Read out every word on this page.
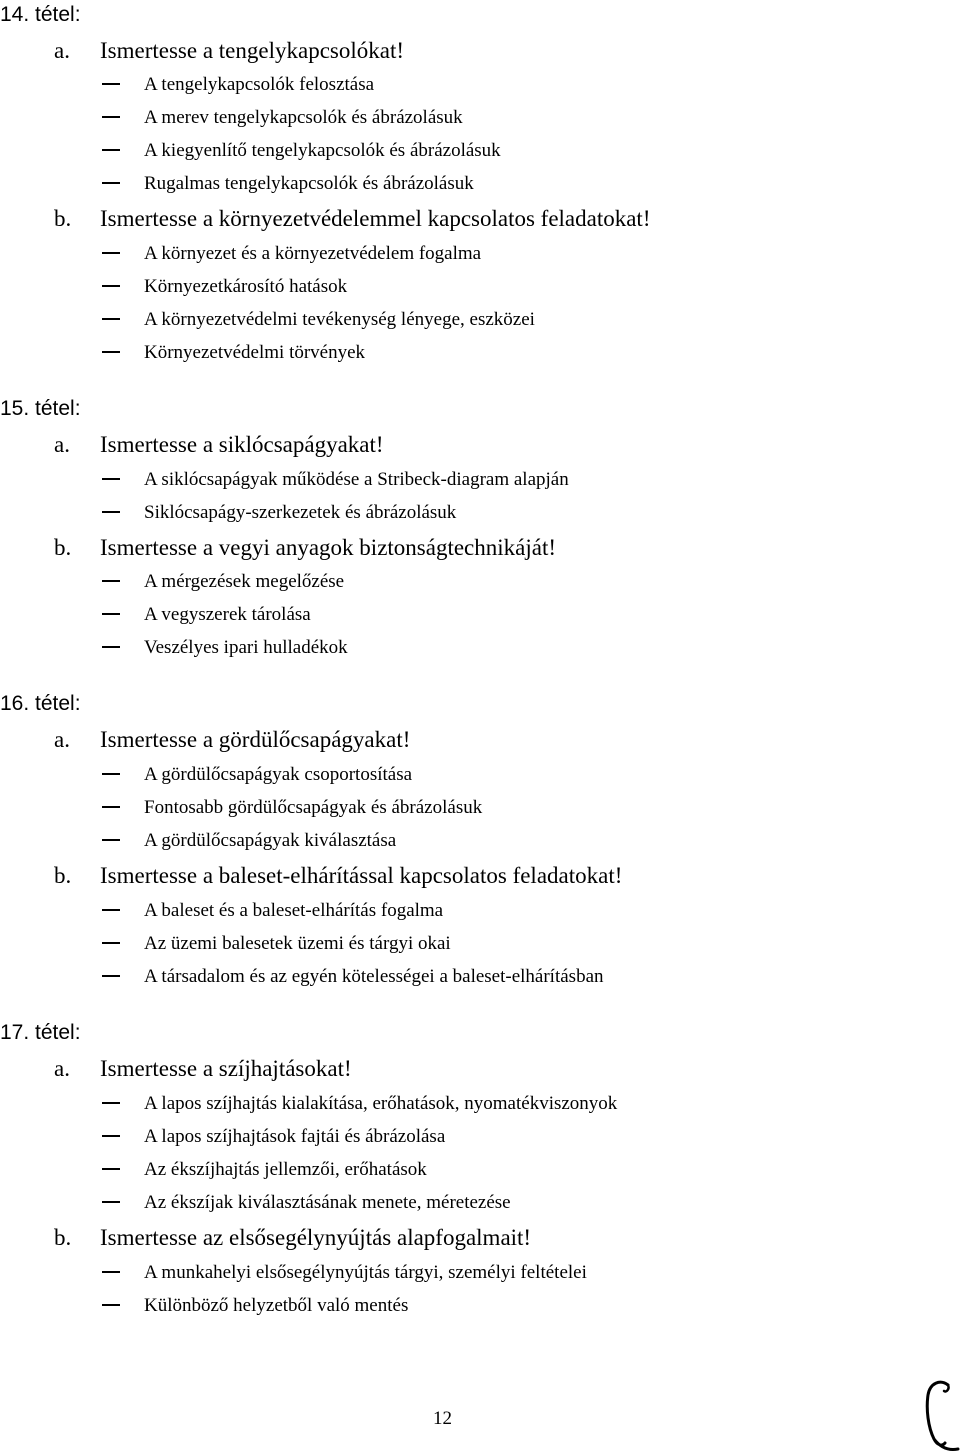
14. tétel:
a. Ismertesse a tengelykapcsolókat!
A tengelykapcsolók felosztása
A merev tengelykapcsolók és ábrázolásuk
A kiegyenlítő tengelykapcsolók és ábrázolásuk
Rugalmas tengelykapcsolók és ábrázolásuk
b. Ismertesse a környezetvédelemmel kapcsolatos feladatokat!
A környezet és a környezetvédelem fogalma
Környezetkárosító hatások
A környezetvédelmi tevékenység lényege, eszközei
Környezetvédelmi törvények
15. tétel:
a. Ismertesse a siklócsapágyakat!
A siklócsapágyak működése a Stribeck-diagram alapján
Siklócsapágy-szerkezetek és ábrázolásuk
b. Ismertesse a vegyi anyagok biztonságtechnikáját!
A mérgezések megelőzése
A vegyszerek tárolása
Veszélyes ipari hulladékok
16. tétel:
a. Ismertesse a gördülőcsapágyakat!
A gördülőcsapágyak csoportosítása
Fontosabb gördülőcsapágyak és ábrázolásuk
A gördülőcsapágyak kiválasztása
b. Ismertesse a baleset-elhárítással kapcsolatos feladatokat!
A baleset és a baleset-elhárítás fogalma
Az üzemi balesetek üzemi és tárgyi okai
A társadalom és az egyén kötelességei a baleset-elhárításban
17. tétel:
a. Ismertesse a szíjhajtásokat!
A lapos szíjhajtás kialakítása, erőhatások, nyomatékviszonyok
A lapos szíjhajtások fajtái és ábrázolása
Az ékszíjhajtás jellemzői, erőhatások
Az ékszíjak kiválasztásának menete, méretezése
b. Ismertesse az elsősegélynyújtás alapfogalmait!
A munkahelyi elsősegélynyújtás tárgyi, személyi feltételei
Különböző helyzetből való mentés
12
